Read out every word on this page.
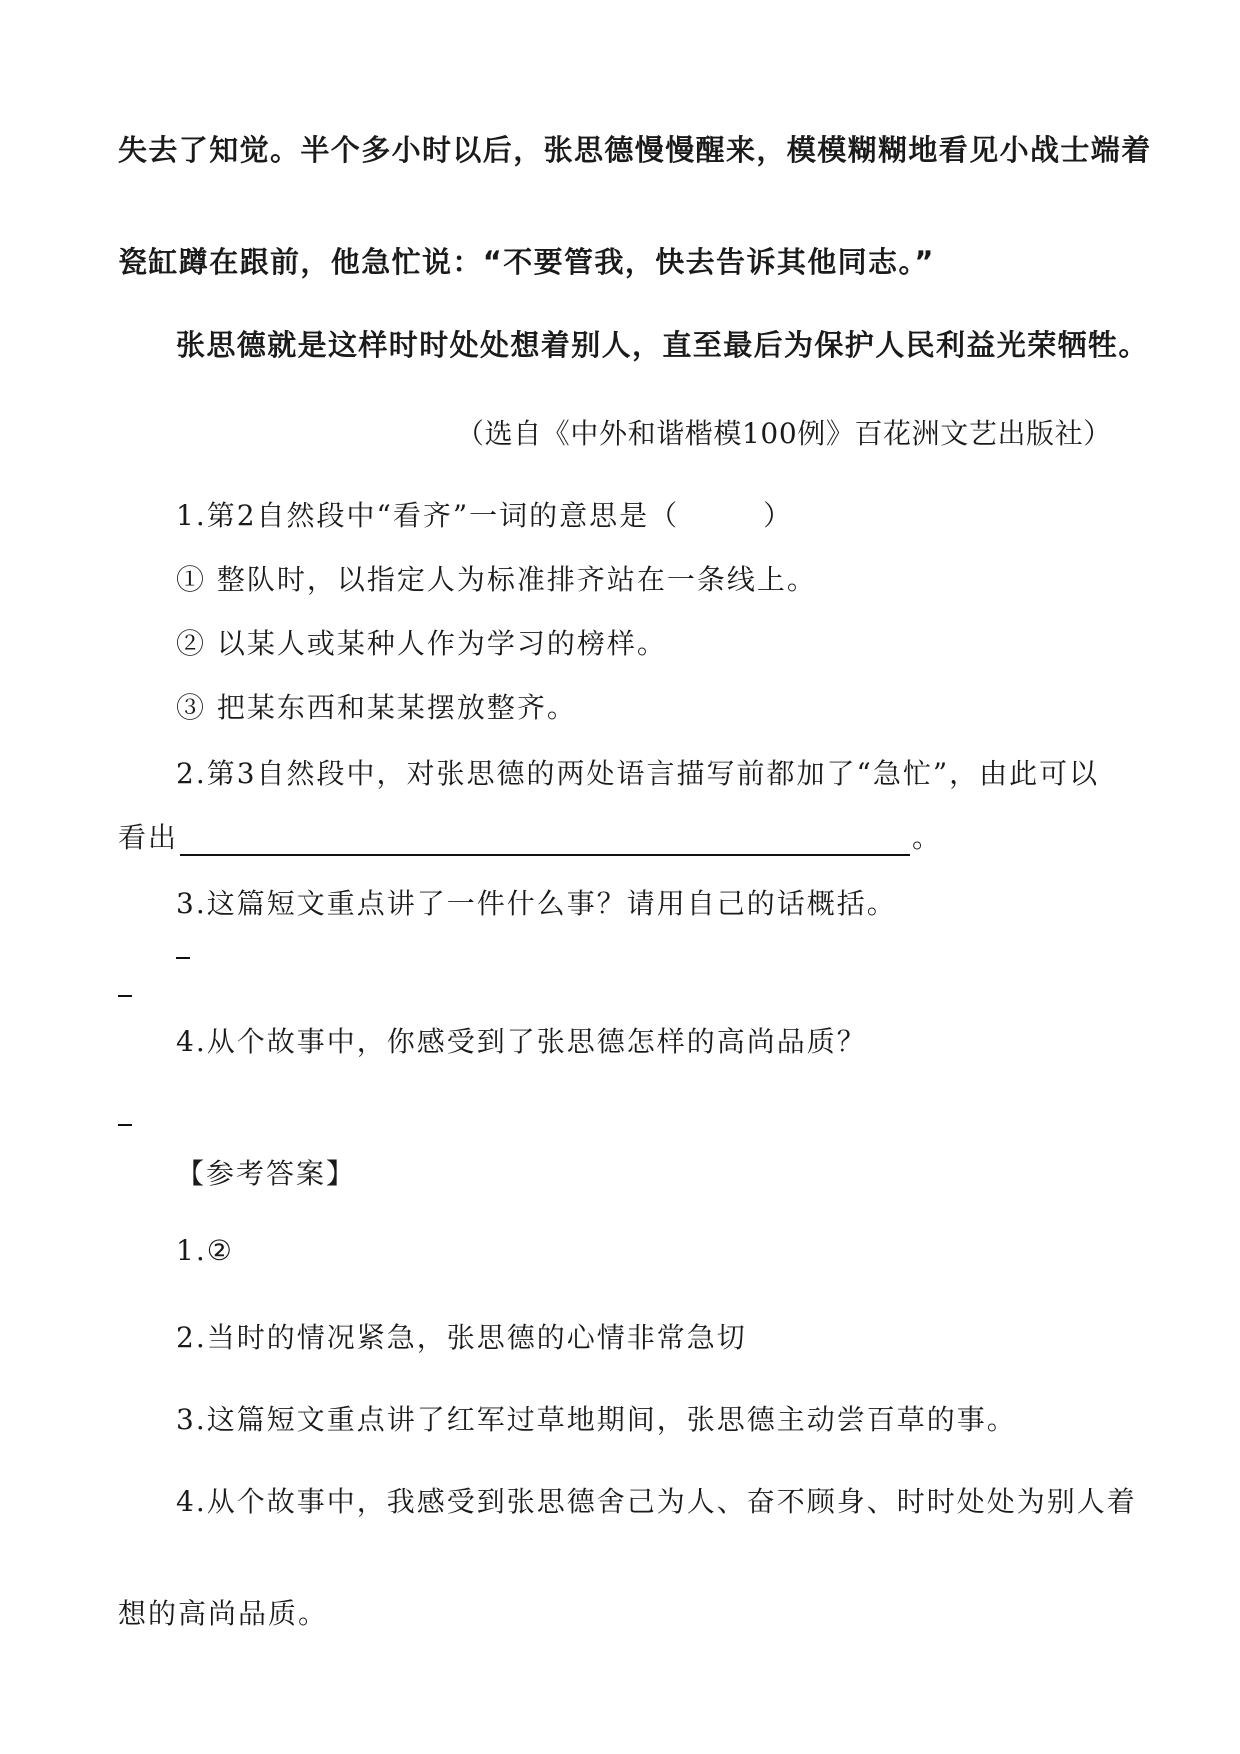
失去了知觉。半个多小时以后，张思德慢慢醒来，模模糊糊地看见小战士端着
瓷缸蹲在跟前，他急忙说：“不要管我，快去告诉其他同志。”
张思德就是这样时时处处想着别人，直至最后为保护人民利益光荣牺牲。
（选自《中外和谐楷模100例》百花洲文艺出版社）
1.第2自然段中“看齐”一词的意思是（	）
① 整队时，以指定人为标准排齐站在一条线上。
② 以某人或某种人作为学习的榜样。
③ 把某东西和某某摆放整齐。
2.第3自然段中，对张思德的两处语言描写前都加了“急忙”，由此可以
看出	。
3.这篇短文重点讲了一件什么事？请用自己的话概括。
4.从个故事中，你感受到了张思德怎样的高尚品质？
【参考答案】
1.②
2.当时的情况紧急，张思德的心情非常急切
3.这篇短文重点讲了红军过草地期间，张思德主动尝百草的事。
4.从个故事中，我感受到张思德舍己为人、奋不顾身、时时处处为别人着
想的高尚品质。
